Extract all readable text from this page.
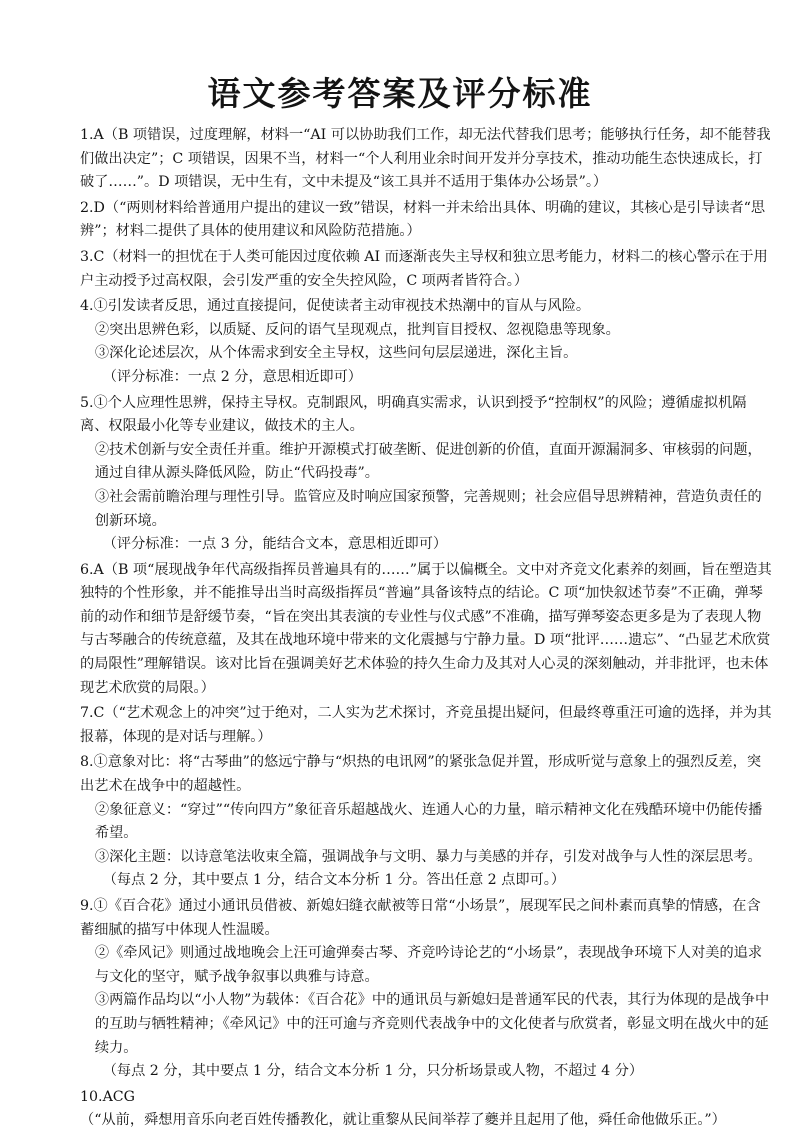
语文参考答案及评分标准

1.A（B 项错误，过度理解，材料一“AI 可以协助我们工作，却无法代替我们思考；能够执行任务，却不能替我们做出决定”；C 项错误，因果不当，材料一“个人利用业余时间开发并分享技术，推动功能生态快速成长，打破了……”。D 项错误，无中生有，文中未提及“该工具并不适用于集体办公场景”。）

2.D（“两则材料给普通用户提出的建议一致”错误，材料一并未给出具体、明确的建议，其核心是引导读者“思辨”；材料二提供了具体的使用建议和风险防范措施。）

3.C（材料一的担忧在于人类可能因过度依赖 AI 而逐渐丧失主导权和独立思考能力，材料二的核心警示在于用户主动授予过高权限，会引发严重的安全失控风险，C 项两者皆符合。）

4.①引发读者反思，通过直接提问，促使读者主动审视技术热潮中的盲从与风险。

②突出思辨色彩，以质疑、反问的语气呈现观点，批判盲目授权、忽视隐患等现象。

③深化论述层次，从个体需求到安全主导权，这些问句层层递进，深化主旨。

（评分标准：一点 2 分，意思相近即可）

5.①个人应理性思辨，保持主导权。克制跟风，明确真实需求，认识到授予“控制权”的风险；遵循虚拟机隔离、权限最小化等专业建议，做技术的主人。

②技术创新与安全责任并重。维护开源模式打破垄断、促进创新的价值，直面开源漏洞多、审核弱的问题，通过自律从源头降低风险，防止“代码投毒”。

③社会需前瞻治理与理性引导。监管应及时响应国家预警，完善规则；社会应倡导思辨精神，营造负责任的创新环境。

（评分标准：一点 3 分，能结合文本，意思相近即可）

6.A（B 项“展现战争年代高级指挥员普遍具有的……”属于以偏概全。文中对齐竞文化素养的刻画，旨在塑造其独特的个性形象，并不能推导出当时高级指挥员“普遍”具备该特点的结论。C 项“加快叙述节奏”不正确，弹琴前的动作和细节是舒缓节奏，“旨在突出其表演的专业性与仪式感”不准确，描写弹琴姿态更多是为了表现人物与古琴融合的传统意蕴，及其在战地环境中带来的文化震撼与宁静力量。D 项“批评……遗忘”、“凸显艺术欣赏的局限性”理解错误。该对比旨在强调美好艺术体验的持久生命力及其对人心灵的深刻触动，并非批评，也未体现艺术欣赏的局限。）

7.C（“艺术观念上的冲突”过于绝对，二人实为艺术探讨，齐竞虽提出疑问，但最终尊重汪可逾的选择，并为其报幕，体现的是对话与理解。）

8.①意象对比：将“古琴曲”的悠远宁静与“炽热的电讯网”的紧张急促并置，形成听觉与意象上的强烈反差，突出艺术在战争中的超越性。

②象征意义：“穿过”“传向四方”象征音乐超越战火、连通人心的力量，暗示精神文化在残酷环境中仍能传播希望。

③深化主题：以诗意笔法收束全篇，强调战争与文明、暴力与美感的并存，引发对战争与人性的深层思考。

（每点 2 分，其中要点 1 分，结合文本分析 1 分。答出任意 2 点即可。）

9.①《百合花》通过小通讯员借被、新媳妇缝衣献被等日常“小场景”，展现军民之间朴素而真挚的情感，在含蓄细腻的描写中体现人性温暖。

②《牵风记》则通过战地晚会上汪可逾弹奏古琴、齐竞吟诗论艺的“小场景”，表现战争环境下人对美的追求与文化的坚守，赋予战争叙事以典雅与诗意。

③两篇作品均以“小人物”为载体：《百合花》中的通讯员与新媳妇是普通军民的代表，其行为体现的是战争中的互助与牺牲精神；《牵风记》中的汪可逾与齐竞则代表战争中的文化使者与欣赏者，彰显文明在战火中的延续力。

（每点 2 分，其中要点 1 分，结合文本分析 1 分，只分析场景或人物，不超过 4 分）

10.ACG（“从前，舜想用音乐向老百姓传播教化，就让重黎从民间举荐了夔并且起用了他，舜任命他做乐正。”）
